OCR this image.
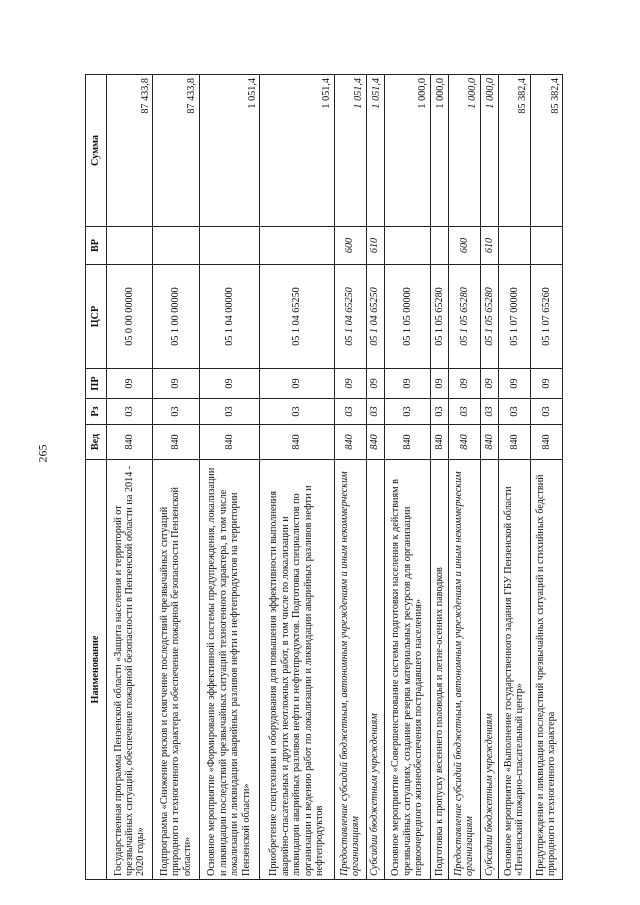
265
Наименование	Вед	Рз	ПР	ЦСР	ВР	Сумма
Государственная программа Пензенской области «Защита населения и территорий от чрезвычайных ситуаций, обеспечение пожарной безопасности в Пензенской области на 2014 - 2020 годы»	840	03	09	05 0 00 00000		87 433,8
Подпрограмма «Снижение рисков и смягчение последствий чрезвычайных ситуаций природного и техногенного характера и обеспечение пожарной безопасности Пензенской области»	840	03	09	05 1 00 00000		87 433,8
Основное мероприятие «Формирование эффективной системы предупреждения, локализации и ликвидации последствий чрезвычайных ситуаций техногенного характера, в том числе локализации и ликвидации аварийных разливов нефти и нефтепродуктов на территории Пензенской области»	840	03	09	05 1 04 00000		1 051,4
Приобретение спецтехники и оборудования для повышения эффективности выполнения аварийно-спасательных и других неотложных работ, в том числе по локализации и ликвидации аварийных разливов нефти и нефтепродуктов. Подготовка специалистов по организации и ведению работ по локализации и ликвидации аварийных разливов нефти и нефтепродуктов	840	03	09	05 1 04 65250		1 051,4
Предоставление субсидий бюджетным, автономным учреждениям и иным некоммерческим организациям	840	03	09	05 1 04 65250	600	1 051,4
Субсидии бюджетным учреждениям	840	03	09	05 1 04 65250	610	1 051,4
Основное мероприятие «Совершенствование системы подготовки населения к действиям в чрезвычайных ситуациях, создание резерва материальных ресурсов для организации первоочередного жизнеобеспечения пострадавшего населения»	840	03	09	05 1 05 00000		1 000,0
Подготовка к пропуску весеннего половодья и летне-осенних паводков	840	03	09	05 1 05 65280		1 000,0
Предоставление субсидий бюджетным, автономным учреждениям и иным некоммерческим организациям	840	03	09	05 1 05 65280	600	1 000,0
Субсидии бюджетным учреждениям	840	03	09	05 1 05 65280	610	1 000,0
Основное мероприятие «Выполнение государственного задания ГБУ Пензенской области «Пензенский пожарно-спасательный центр»	840	03	09	05 1 07 00000		85 382,4
Предупреждение и ликвидация последствий чрезвычайных ситуаций и стихийных бедствий природного и техногенного характера	840	03	09	05 1 07 65260		85 382,4
